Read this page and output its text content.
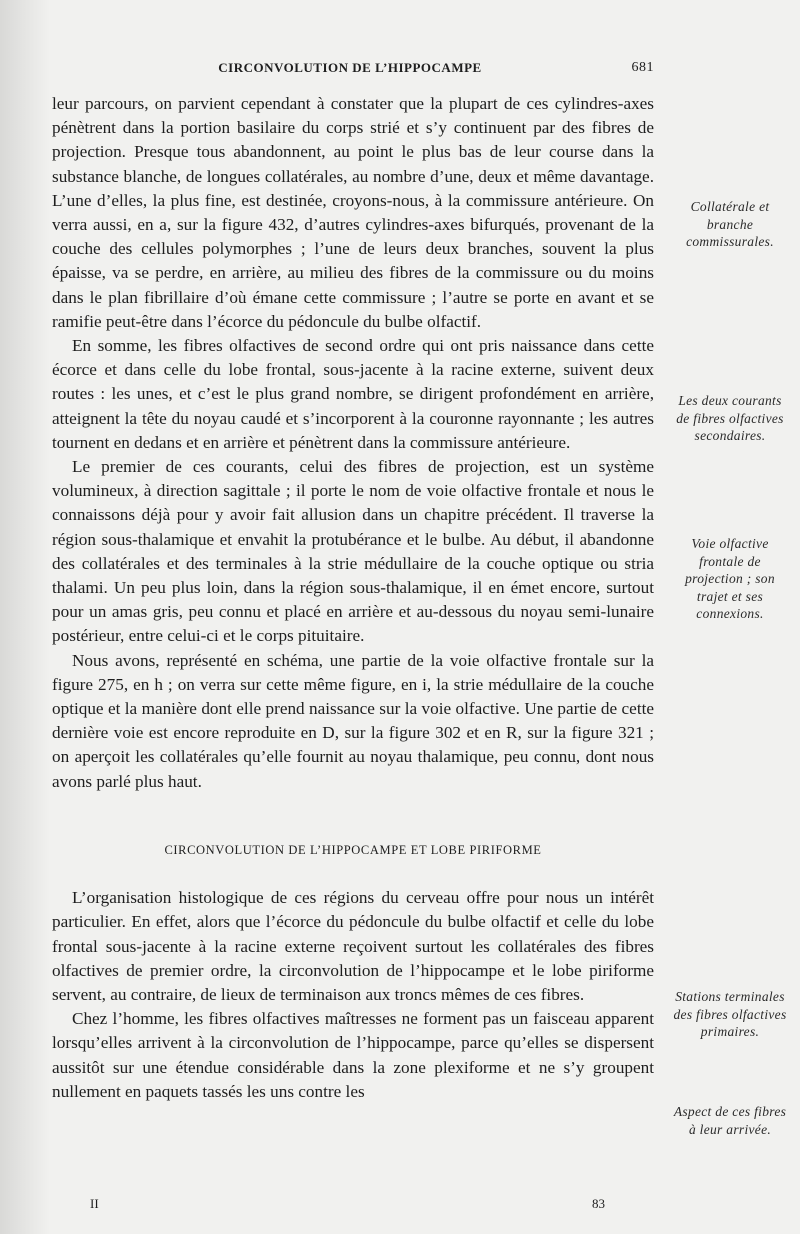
CIRCONVOLUTION DE L’HIPPOCAMPE	681

leur parcours, on parvient cependant à constater que la plupart de ces cylindres-axes pénètrent dans la portion basilaire du corps strié et s’y continuent par des fibres de projection. Presque tous abandonnent, au point le plus bas de leur course dans la substance blanche, de longues collatérales, au nombre d’une, deux et même davantage. L’une d’elles, la plus fine, est destinée, croyons-nous, à la commissure antérieure. On verra aussi, en a, sur la figure 432, d’autres cylindres-axes bifurqués, provenant de la couche des cellules polymorphes ; l’une de leurs deux branches, souvent la plus épaisse, va se perdre, en arrière, au milieu des fibres de la commissure ou du moins dans le plan fibrillaire d’où émane cette commissure ; l’autre se porte en avant et se ramifie peut-être dans l’écorce du pédoncule du bulbe olfactif.

En somme, les fibres olfactives de second ordre qui ont pris naissance dans cette écorce et dans celle du lobe frontal, sous-jacente à la racine externe, suivent deux routes : les unes, et c’est le plus grand nombre, se dirigent profondément en arrière, atteignent la tête du noyau caudé et s’incorporent à la couronne rayonnante ; les autres tournent en dedans et en arrière et pénètrent dans la commissure antérieure.

Le premier de ces courants, celui des fibres de projection, est un système volumineux, à direction sagittale ; il porte le nom de voie olfactive frontale et nous le connaissons déjà pour y avoir fait allusion dans un chapitre précédent. Il traverse la région sous-thalamique et envahit la protubérance et le bulbe. Au début, il abandonne des collatérales et des terminales à la strie médullaire de la couche optique ou stria thalami. Un peu plus loin, dans la région sous-thalamique, il en émet encore, surtout pour un amas gris, peu connu et placé en arrière et au-dessous du noyau semi-lunaire postérieur, entre celui-ci et le corps pituitaire.

Nous avons, représenté en schéma, une partie de la voie olfactive frontale sur la figure 275, en h ; on verra sur cette même figure, en i, la strie médullaire de la couche optique et la manière dont elle prend naissance sur la voie olfactive. Une partie de cette dernière voie est encore reproduite en D, sur la figure 302 et en R, sur la figure 321 ; on aperçoit les collatérales qu’elle fournit au noyau thalamique, peu connu, dont nous avons parlé plus haut.

CIRCONVOLUTION DE L’HIPPOCAMPE ET LOBE PIRIFORME

L’organisation histologique de ces régions du cerveau offre pour nous un intérêt particulier. En effet, alors que l’écorce du pédoncule du bulbe olfactif et celle du lobe frontal sous-jacente à la racine externe reçoivent surtout les collatérales des fibres olfactives de premier ordre, la circonvolution de l’hippocampe et le lobe piriforme servent, au contraire, de lieux de terminaison aux troncs mêmes de ces fibres.

Chez l’homme, les fibres olfactives maîtresses ne forment pas un faisceau apparent lorsqu’elles arrivent à la circonvolution de l’hippocampe, parce qu’elles se dispersent aussitôt sur une étendue considérable dans la zone plexiforme et ne s’y groupent nullement en paquets tassés les uns contre les

Collatérale et branche commissurales.
Les deux courants de fibres olfactives secondaires.
Voie olfactive frontale de projection ; son trajet et ses connexions.
Stations terminales des fibres olfactives primaires.
Aspect de ces fibres à leur arrivée.
II	83
